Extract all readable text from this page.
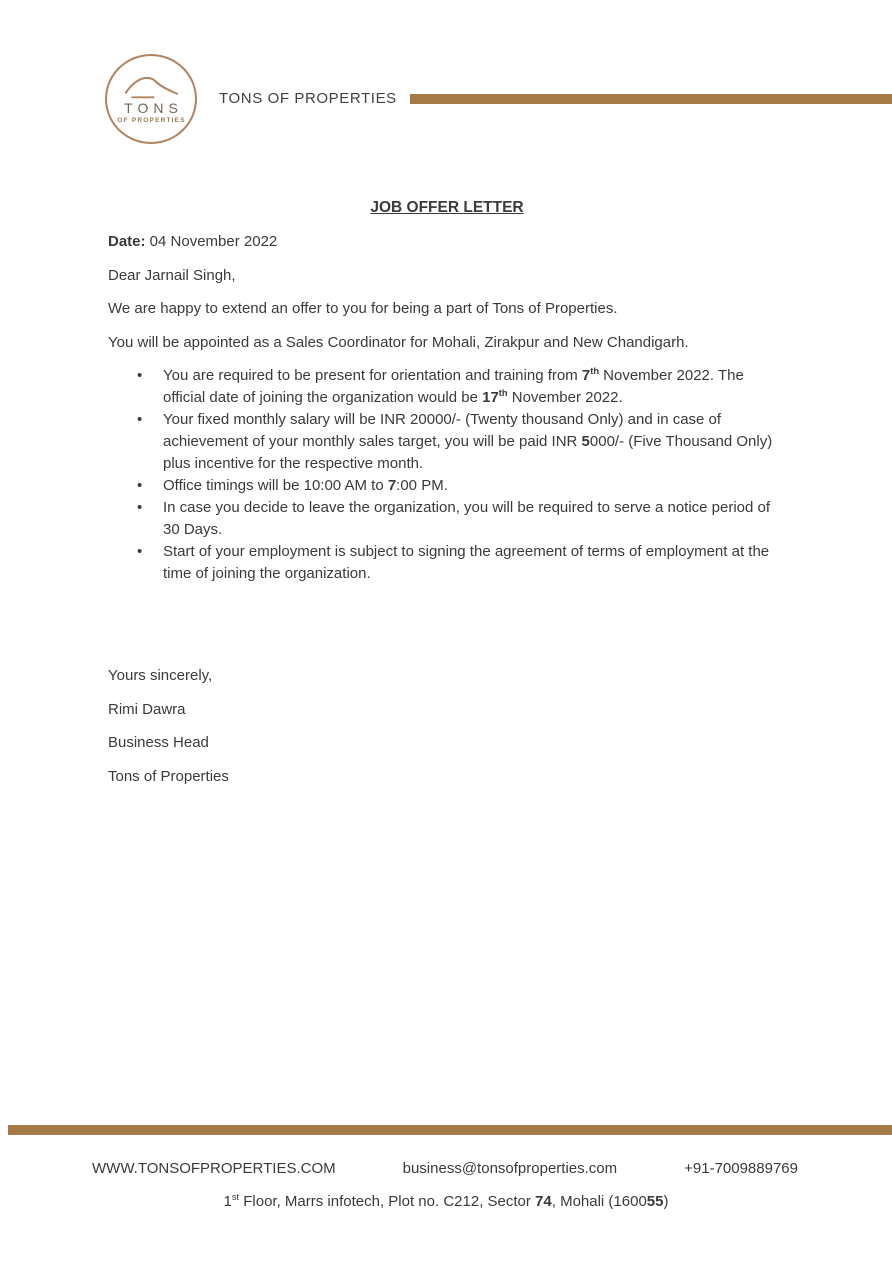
TONS
OF PROPERTIES
TONS OF PROPERTIES
JOB OFFER LETTER

Date: 04 November 2022

Dear Jarnail Singh,

We are happy to extend an offer to you for being a part of Tons of Properties.

You will be appointed as a Sales Coordinator for Mohali, Zirakpur and New Chandigarh.

• You are required to be present for orientation and training from 7th November 2022. The official date of joining the organization would be 17th November 2022.
• Your fixed monthly salary will be INR 20000/- (Twenty thousand Only) and in case of achievement of your monthly sales target, you will be paid INR 5000/- (Five Thousand Only) plus incentive for the respective month.
• Office timings will be 10:00 AM to 7:00 PM.
• In case you decide to leave the organization, you will be required to serve a notice period of 30 Days.
• Start of your employment is subject to signing the agreement of terms of employment at the time of joining the organization.

Yours sincerely,

Rimi Dawra

Business Head

Tons of Properties

WWW.TONSOFPROPERTIES.COM	business@tonsofproperties.com	+91-7009889769
1st Floor, Marrs infotech, Plot no. C212, Sector 74, Mohali (160055)
